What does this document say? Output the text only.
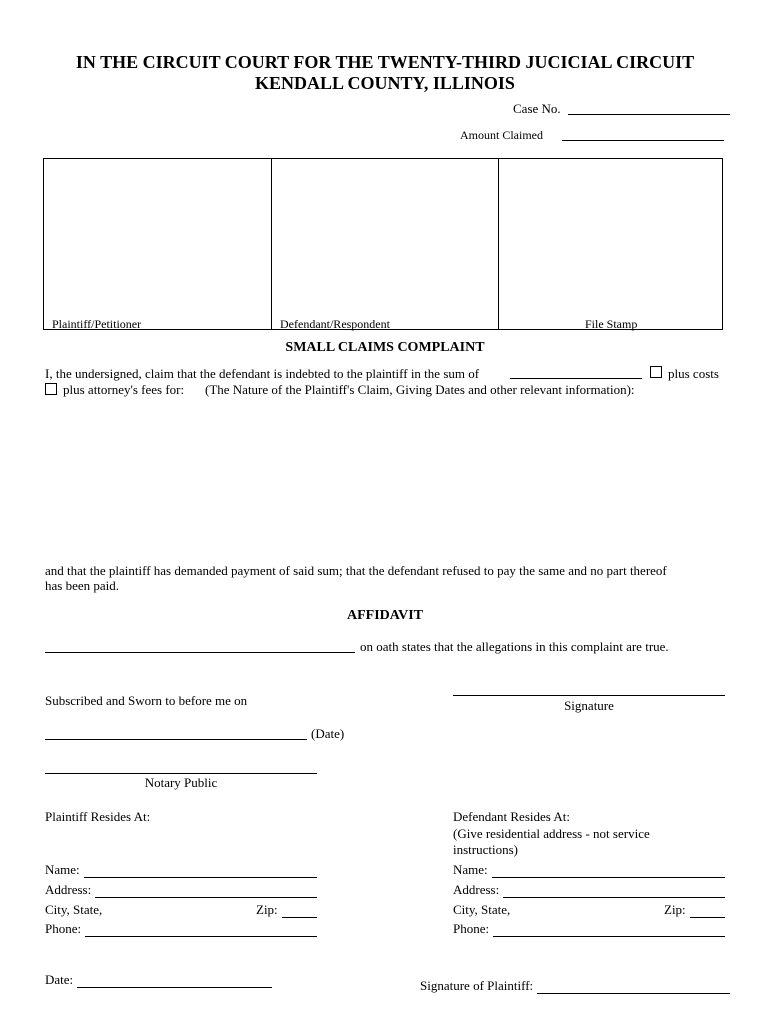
IN THE CIRCUIT COURT FOR THE TWENTY-THIRD JUCICIAL CIRCUIT
KENDALL COUNTY, ILLINOIS
Case No.
Amount Claimed
Plaintiff/Petitioner	Defendant/Respondent	File Stamp
SMALL CLAIMS COMPLAINT
I, the undersigned, claim that the defendant is indebted to the plaintiff in the sum of	plus costs
plus attorney's fees for: (The Nature of the Plaintiff's Claim, Giving Dates and other relevant information):
and that the plaintiff has demanded payment of said sum; that the defendant refused to pay the same and no part thereof
has been paid.
AFFIDAVIT
on oath states that the allegations in this complaint are true.
Subscribed and Sworn to before me on	Signature
(Date)
Notary Public
Plaintiff Resides At:
Name:
Address:
City, State,	Zip:
Phone:
Defendant Resides At:
(Give residential address - not service
instructions)
Name:
Address:
City, State,	Zip:
Phone:
Date:	Signature of Plaintiff:
